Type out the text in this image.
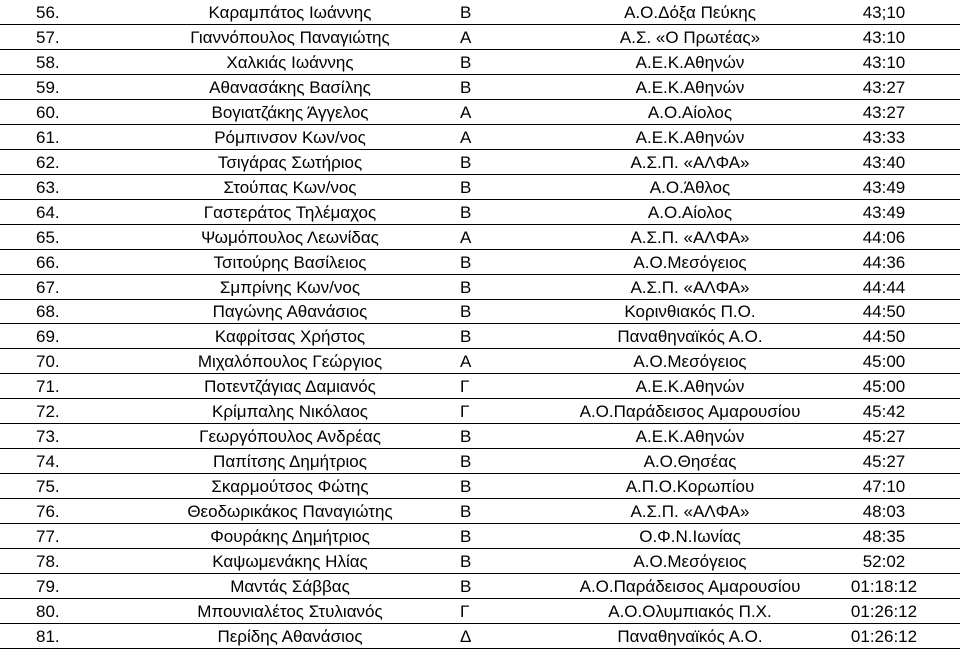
56.	Καραμπάτος Ιωάννης	Β	Α.Ο.Δόξα Πεύκης	43;10
57.	Γιαννόπουλος Παναγιώτης	Α	Α.Σ. «Ο Πρωτέας»	43:10
58.	Χαλκιάς Ιωάννης	Β	Α.Ε.Κ.Αθηνών	43:10
59.	Αθανασάκης Βασίλης	Β	Α.Ε.Κ.Αθηνών	43:27
60.	Βογιατζάκης Άγγελος	Α	Α.Ο.Αίολος	43:27
61.	Ρόμπινσον Κων/νος	Α	Α.Ε.Κ.Αθηνών	43:33
62.	Τσιγάρας Σωτήριος	Β	Α.Σ.Π. «ΑΛΦΑ»	43:40
63.	Στούπας Κων/νος	Β	Α.Ο.Άθλος	43:49
64.	Γαστεράτος Τηλέμαχος	Β	Α.Ο.Αίολος	43:49
65.	Ψωμόπουλος Λεωνίδας	Α	Α.Σ.Π. «ΑΛΦΑ»	44:06
66.	Τσιτούρης Βασίλειος	Β	Α.Ο.Μεσόγειος	44:36
67.	Σμπρίνης Κων/νος	Β	Α.Σ.Π. «ΑΛΦΑ»	44:44
68.	Παγώνης Αθανάσιος	Β	Κορινθιακός Π.Ο.	44:50
69.	Καφρίτσας Χρήστος	Β	Παναθηναϊκός Α.Ο.	44:50
70.	Μιχαλόπουλος Γεώργιος	Α	Α.Ο.Μεσόγειος	45:00
71.	Ποτεντζάγιας Δαμιανός	Γ	Α.Ε.Κ.Αθηνών	45:00
72.	Κρίμπαλης Νικόλαος	Γ	Α.Ο.Παράδεισος Αμαρουσίου	45:42
73.	Γεωργόπουλος Ανδρέας	Β	Α.Ε.Κ.Αθηνών	45:27
74.	Παπίτσης Δημήτριος	Β	Α.Ο.Θησέας	45:27
75.	Σκαρμούτσος Φώτης	Β	Α.Π.Ο.Κορωπίου	47:10
76.	Θεοδωρικάκος Παναγιώτης	Β	Α.Σ.Π. «ΑΛΦΑ»	48:03
77.	Φουράκης Δημήτριος	Β	Ο.Φ.Ν.Ιωνίας	48:35
78.	Καψωμενάκης Ηλίας	Β	Α.Ο.Μεσόγειος	52:02
79.	Μαντάς Σάββας	Β	Α.Ο.Παράδεισος Αμαρουσίου	01:18:12
80.	Μπουνιαλέτος Στυλιανός	Γ	Α.Ο.Ολυμπιακός Π.Χ.	01:26:12
81.	Περίδης Αθανάσιος	Δ	Παναθηναϊκός Α.Ο.	01:26:12
